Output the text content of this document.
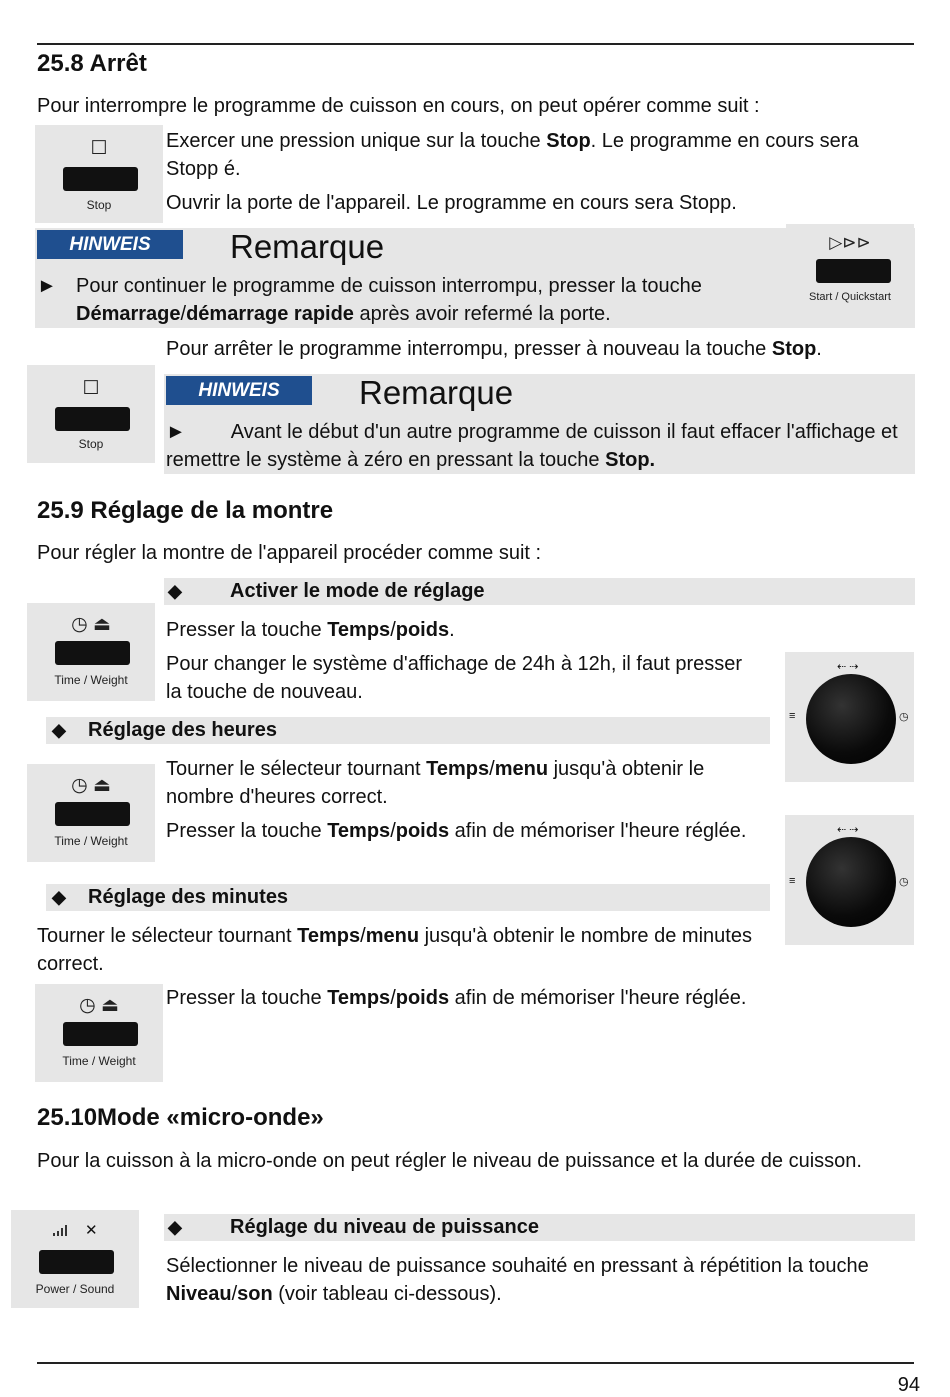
25.8 Arrêt

Pour interrompre le programme de cuisson en cours, on peut opérer comme suit :

☐
Stop

Exercer une pression unique sur la touche Stop. Le programme en cours sera Stopp é.

Ouvrir la porte de l'appareil. Le programme en cours sera Stopp.

HINWEIS	Remarque

► Pour continuer le programme de cuisson interrompu, presser la touche Démarrage/démarrage rapide après avoir refermé la porte.

▷⊳⊳
Start / Quickstart

Pour arrêter le programme interrompu, presser à nouveau la touche Stop.

☐
Stop
HINWEIS	Remarque

► Avant le début d'un autre programme de cuisson il faut effacer l'affichage et remettre le système à zéro en pressant la touche Stop.

25.9 Réglage de la montre

Pour régler la montre de l'appareil procéder comme suit :

◆ Activer le mode de réglage
◷ ⏏
Time / Weight

Presser la touche Temps/poids.

Pour changer le système d'affichage de 24h à 12h, il faut presser la touche de nouveau.

⇠ ⇢
≡	◷
◆ Réglage des heures
◷ ⏏
Time / Weight

Tourner le sélecteur tournant Temps/menu jusqu'à obtenir le nombre d'heures correct.

Presser la touche Temps/poids afin de mémoriser l'heure réglée.	⇠ ⇢
≡	◷
◆ Réglage des minutes

Tourner le sélecteur tournant Temps/menu jusqu'à obtenir le nombre de minutes correct.

◷ ⏏
Time / Weight

Presser la touche Temps/poids afin de mémoriser l'heure réglée.

25.10Mode «micro-onde»

Pour la cuisson à la micro-onde on peut régler le niveau de puissance et la durée de cuisson.

✕
Power / Sound
◆ Réglage du niveau de puissance

Sélectionner le niveau de puissance souhaité en pressant à répétition la touche Niveau/son (voir tableau ci-dessous).

94
